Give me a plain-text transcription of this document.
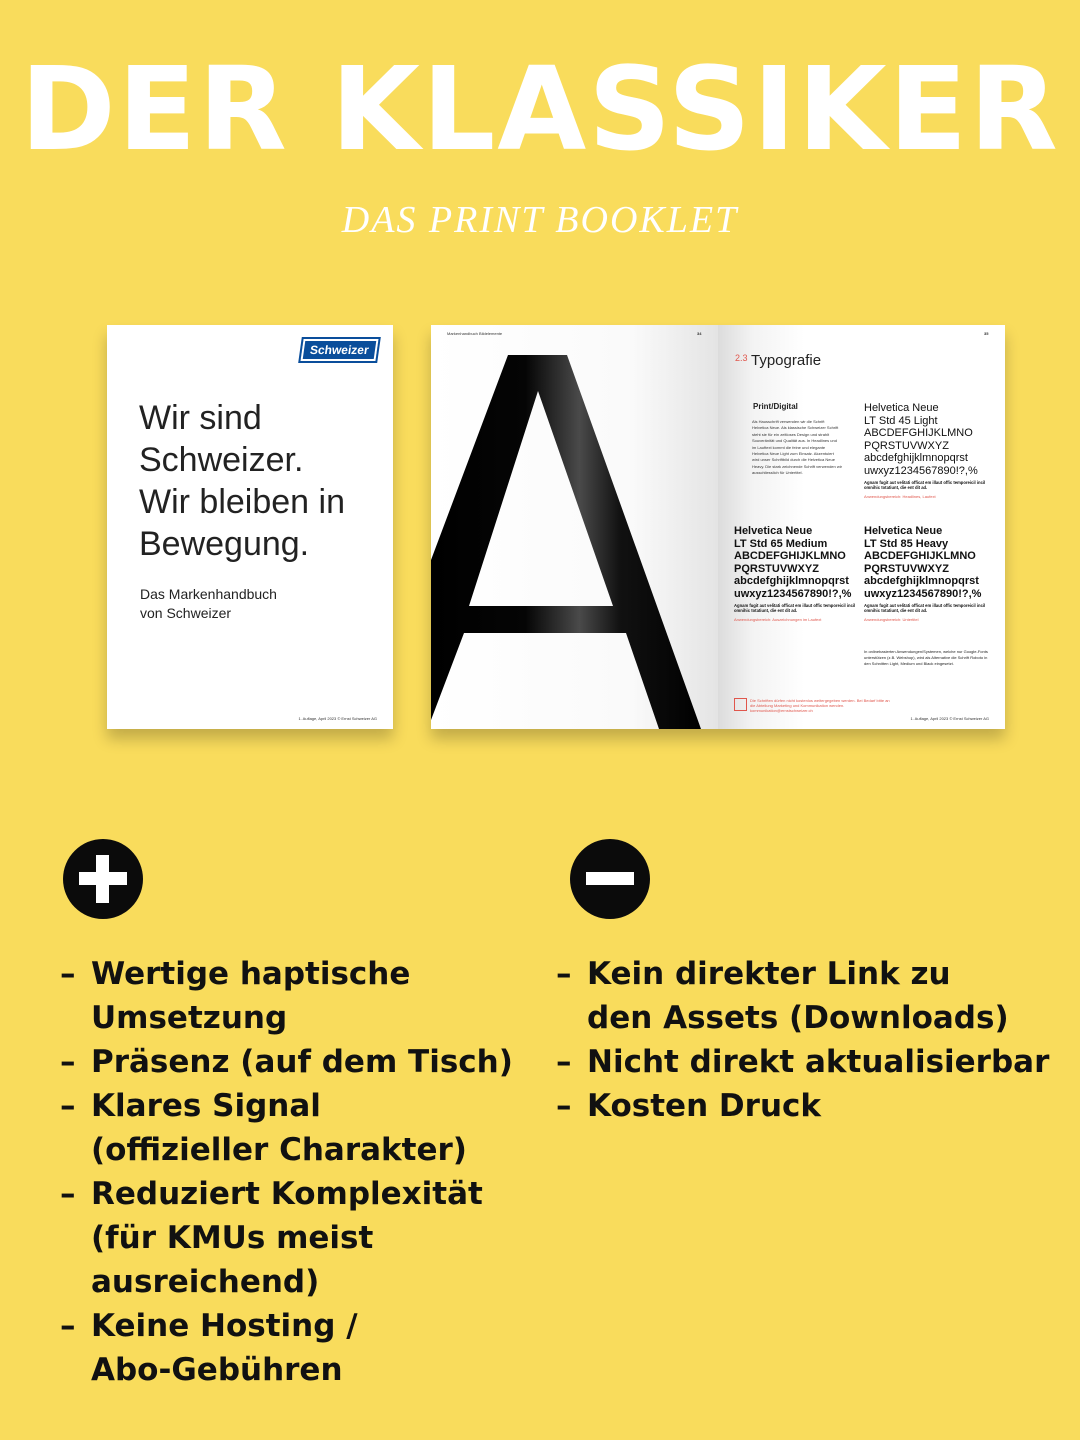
DER KLASSIKER
DAS PRINT BOOKLET
Schweizer
Wir sind
Schweizer.
Wir bleiben in
Bewegung.
Das Markenhandbuch
von Schweizer
1. Auflage, April 2023 © Ernst Schweizer AG
Markenhandbuch Bildelemente	34	35
2.3 Typografie
Print/Digital
Als Hausschrift verwenden wir die Schrift Helvetica Neue. Als klassische Schweizer Schrift steht sie für ein zeitloses Design und strahlt Souveränität und Qualität aus. In Headlines und im Lauftext kommt die feine und elegante Helvetica Neue Light zum Einsatz. Akzentuiert wird unser Schriftbild durch die Helvetica Neue Heavy. Die stark zeichnende Schrift verwenden wir ausschliesslich für Untertitel.
Helvetica Neue
LT Std 45 Light
ABCDEFGHIJKLMNO
PQRSTUVWXYZ
abcdefghijklmnopqrst
uwxyz1234567890!?,%
Agnam fugit aut velitati officat em illaut offic temporeicil incil omnihic totatiunt, die ent dit ad.
Anwendungsbereich: Headlines, Laufext
Helvetica Neue
LT Std 65 Medium
ABCDEFGHIJKLMNO
PQRSTUVWXYZ
abcdefghijklmnopqrst
uwxyz1234567890!?,%
Agnam fugit aut velitati officat em illaut offic temporeicil incil omnihic totatiunt, die ent dit ad.
Anwendungsbereich: Auszeichnungen im Laufext
Helvetica Neue
LT Std 85 Heavy
ABCDEFGHIJKLMNO
PQRSTUVWXYZ
abcdefghijklmnopqrst
uwxyz1234567890!?,%
Agnam fugit aut velitati officat em illaut offic temporeicil incil omnihic totatiunt, die ent dit ad.
Anwendungsbereich: Untertitel
In onlinebasierten Anwendungen/Systemen, welche nur Google-Fonts unterstützen (z.B. Webshop), wird als Alternative die Schrift Roboto in den Schnitten Light, Medium und Black eingesetzt.
Die Schriften dürfen nicht kostenlos weitergegeben werden. Bei Bedarf bitte an die Abteilung Marketing und Kommunikation wenden. kommunikation@ernstschweizer.ch
1. Auflage, April 2023 © Ernst Schweizer AG
– Wertige haptische
Umsetzung
– Präsenz (auf dem Tisch)
– Klares Signal
(offizieller Charakter)
– Reduziert Komplexität
(für KMUs meist
ausreichend)
– Keine Hosting /
Abo-Gebühren
– Kein direkter Link zu
den Assets (Downloads)
– Nicht direkt aktualisierbar
– Kosten Druck
